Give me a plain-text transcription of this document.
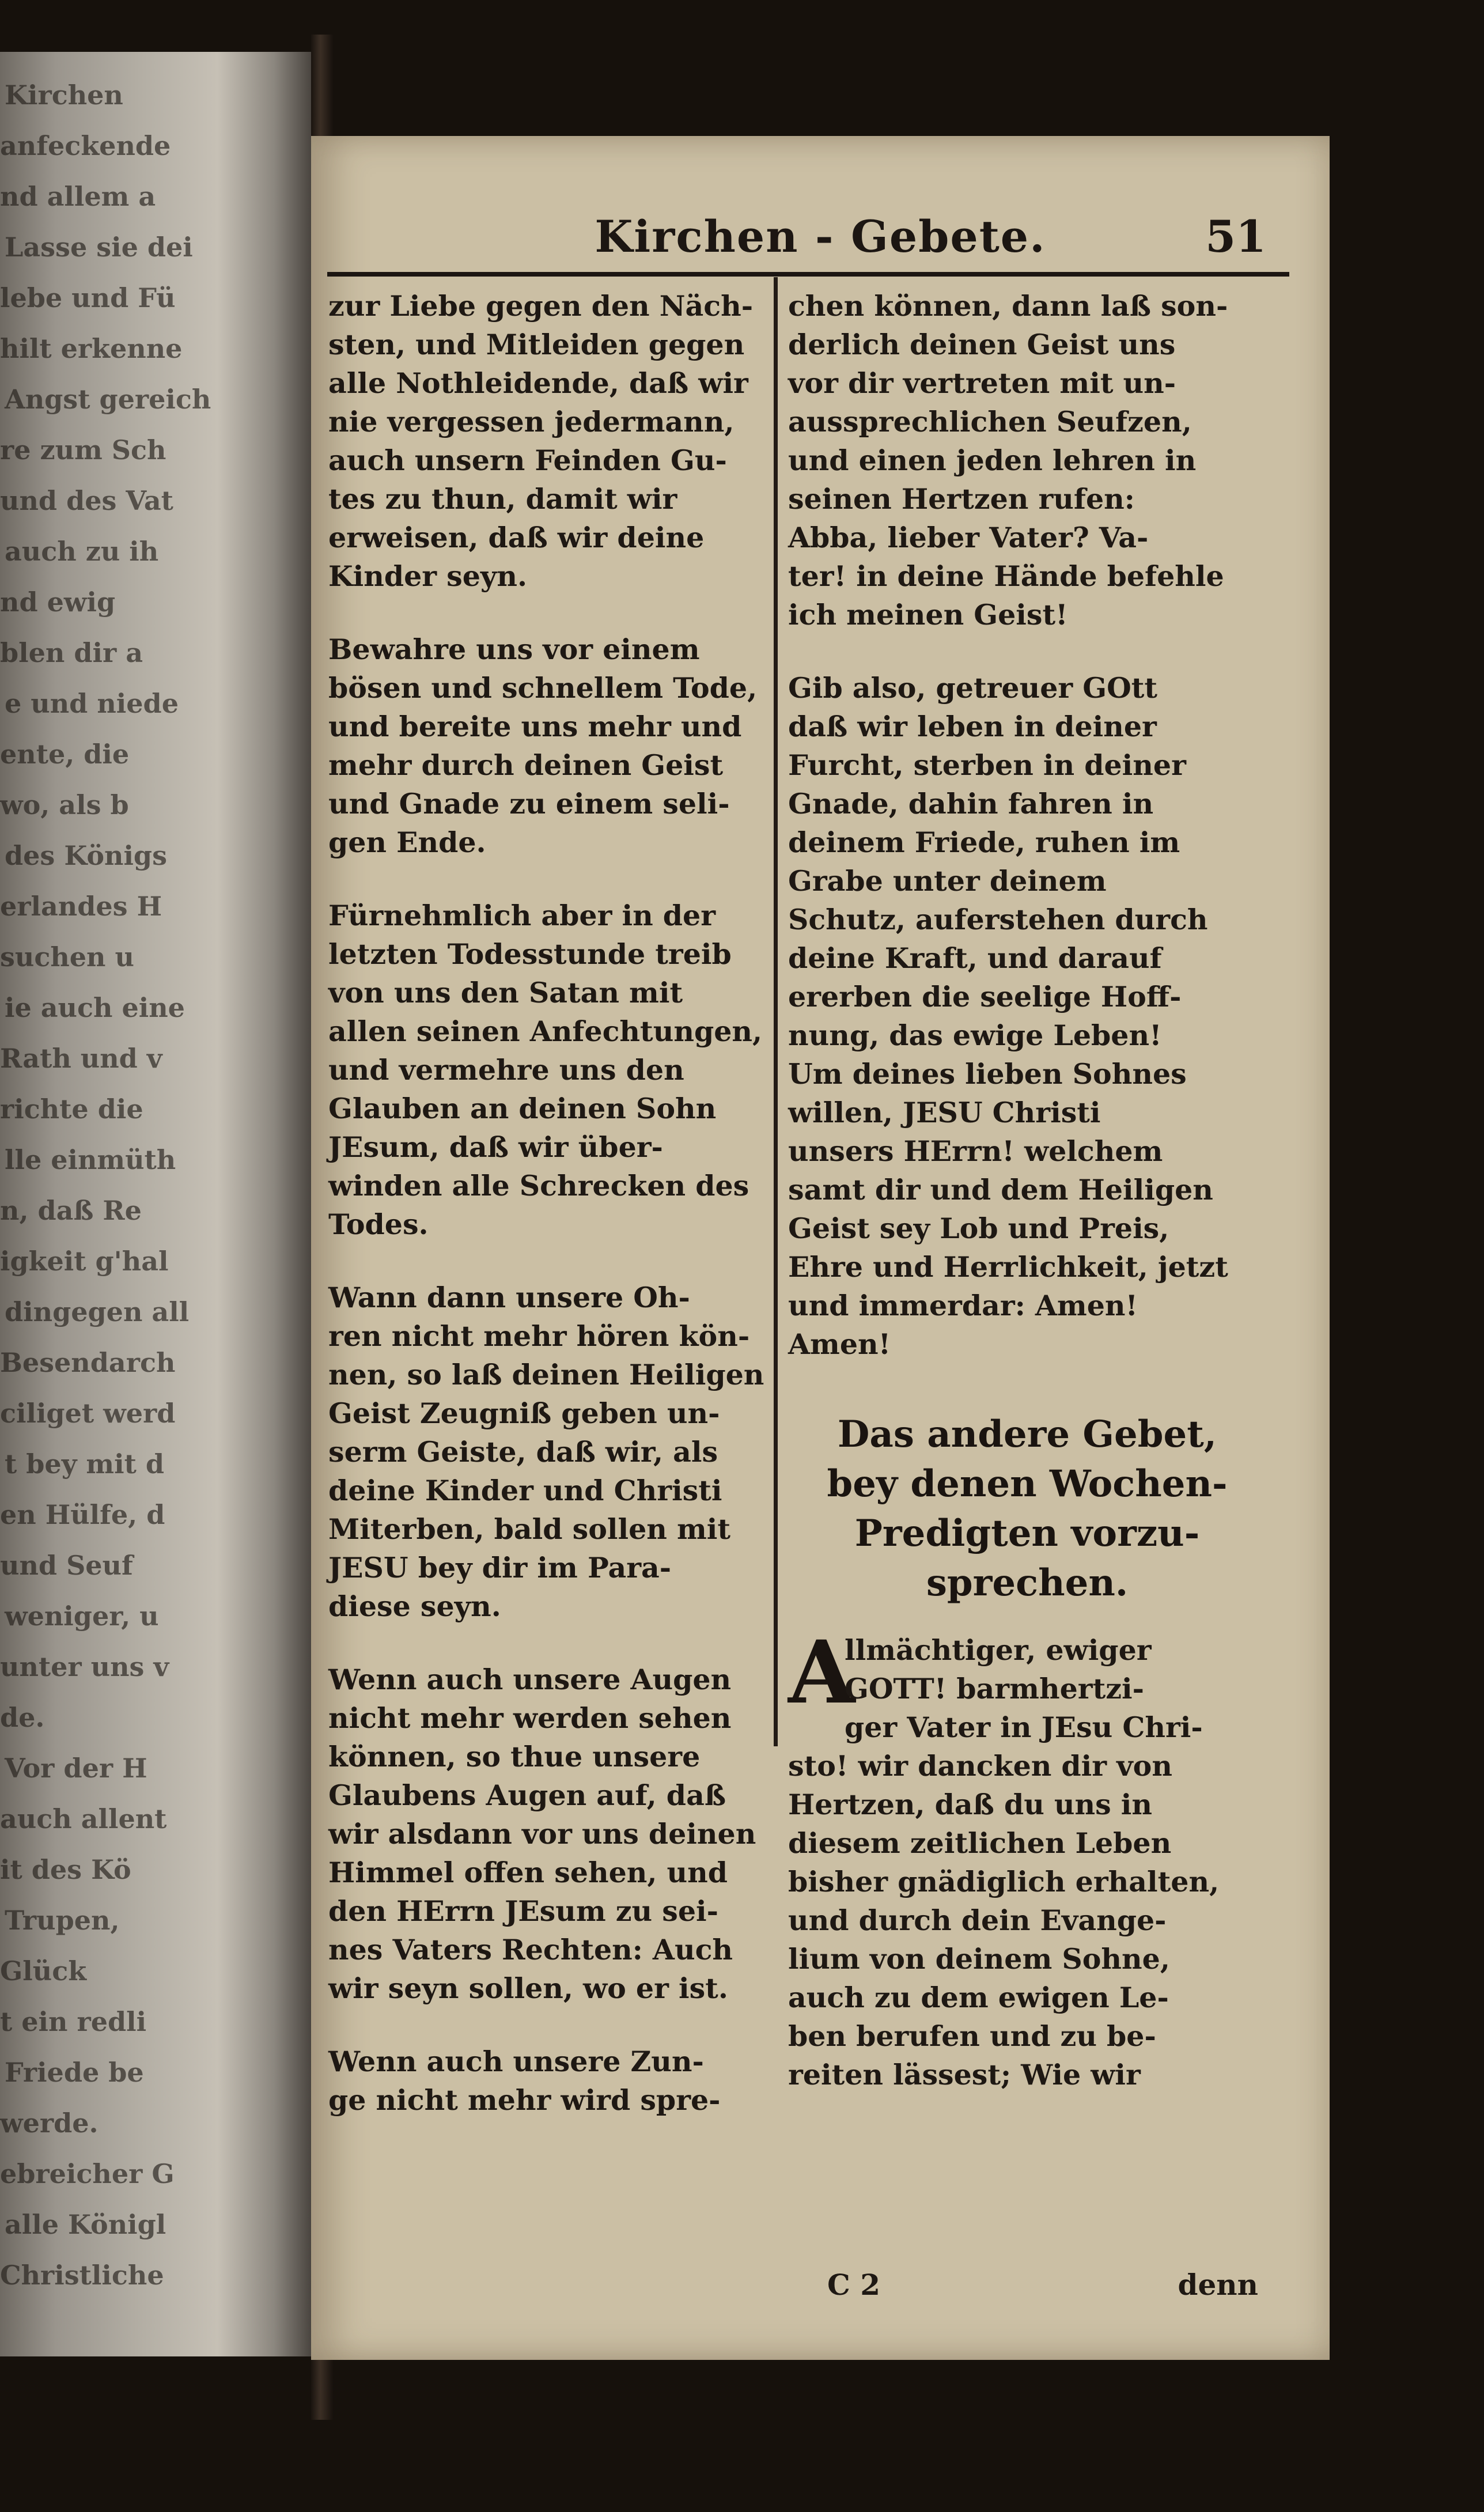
Kirchen
anfeckende
nd allem a
Lasse sie dei
lebe und Fü
hilt erkenne
Angst gereich
re zum Sch
und des Vat
auch zu ih
nd ewig
blen dir a
e und niede
ente, die
wo, als b
des Königs
erlandes H
suchen u
ie auch eine
Rath und v
richte die
lle einmüth
n, daß Re
igkeit g'hal
dingegen all
Besendarch
ciliget werd
t bey mit d
en Hülfe, d
und Seuf
weniger, u
unter uns v
de.
Vor der H
auch allent
it des Kö
Trupen,
Glück
t ein redli
Friede be
werde.
ebreicher G
alle Königl
Christliche
Kirchen - Gebete.	51
zur Liebe gegen den Näch-
sten, und Mitleiden gegen
alle Nothleidende, daß wir
nie vergessen jedermann,
auch unsern Feinden Gu-
tes zu thun, damit wir
erweisen, daß wir deine
Kinder seyn.
Bewahre uns vor einem
bösen und schnellem Tode,
und bereite uns mehr und
mehr durch deinen Geist
und Gnade zu einem seli-
gen Ende.
Fürnehmlich aber in der
letzten Todesstunde treib
von uns den Satan mit
allen seinen Anfechtungen,
und vermehre uns den
Glauben an deinen Sohn
JEsum, daß wir über-
winden alle Schrecken des
Todes.
Wann dann unsere Oh-
ren nicht mehr hören kön-
nen, so laß deinen Heiligen
Geist Zeugniß geben un-
serm Geiste, daß wir, als
deine Kinder und Christi
Miterben, bald sollen mit
JESU bey dir im Para-
diese seyn.
Wenn auch unsere Augen
nicht mehr werden sehen
können, so thue unsere
Glaubens Augen auf, daß
wir alsdann vor uns deinen
Himmel offen sehen, und
den HErrn JEsum zu sei-
nes Vaters Rechten: Auch
wir seyn sollen, wo er ist.
Wenn auch unsere Zun-
ge nicht mehr wird spre-
chen können, dann laß son-
derlich deinen Geist uns
vor dir vertreten mit un-
aussprechlichen Seufzen,
und einen jeden lehren in
seinen Hertzen rufen:
Abba, lieber Vater? Va-
ter! in deine Hände befehle
ich meinen Geist!
Gib also, getreuer GOtt
daß wir leben in deiner
Furcht, sterben in deiner
Gnade, dahin fahren in
deinem Friede, ruhen im
Grabe unter deinem
Schutz, auferstehen durch
deine Kraft, und darauf
ererben die seelige Hoff-
nung, das ewige Leben!
Um deines lieben Sohnes
willen, JESU Christi
unsers HErrn! welchem
samt dir und dem Heiligen
Geist sey Lob und Preis,
Ehre und Herrlichkeit, jetzt
und immerdar: Amen!
Amen!
Das andere Gebet,
bey denen Wochen-
Predigten vorzu-
sprechen.
A
llmächtiger, ewiger
GOTT! barmhertzi-
ger Vater in JEsu Chri-
sto! wir dancken dir von
Hertzen, daß du uns in
diesem zeitlichen Leben
bisher gnädiglich erhalten,
und durch dein Evange-
lium von deinem Sohne,
auch zu dem ewigen Le-
ben berufen und zu be-
reiten lässest; Wie wir
C 2	denn
